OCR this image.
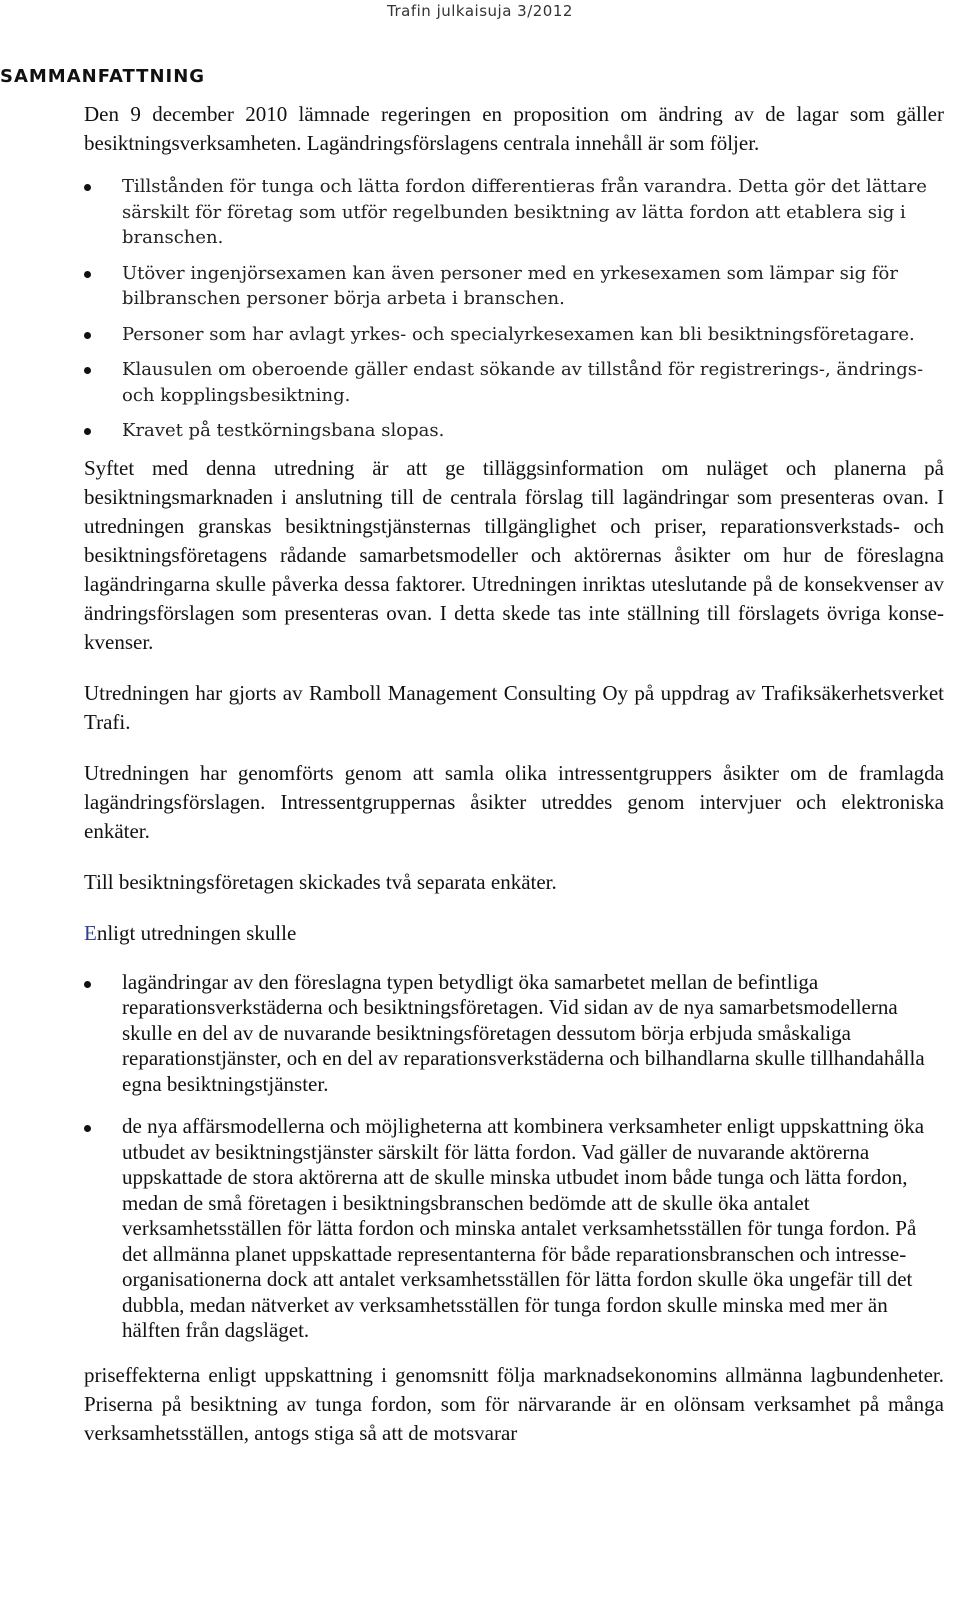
Trafin julkaisuja 3/2012
SAMMANFATTNING

Den 9 december 2010 lämnade regeringen en proposition om ändring av de lagar som gäller besiktningsverksamheten. Lagändringsförslagens centrala innehåll är som följer.

Tillstånden för tunga och lätta fordon differentieras från varandra. Detta gör det lättare särskilt för företag som utför regelbunden besiktning av lätta fordon att etablera sig i branschen.
Utöver ingenjörsexamen kan även personer med en yrkesexamen som lämpar sig för bilbranschen personer börja arbeta i branschen.
Personer som har avlagt yrkes- och specialyrkesexamen kan bli besiktningsföretagare.
Klausulen om oberoende gäller endast sökande av tillstånd för registrerings-, ändrings- och kopplingsbesiktning.
Kravet på testkörningsbana slopas.

Syftet med denna utredning är att ge tilläggsinformation om nuläget och planerna på besiktningsmarknaden i anslutning till de centrala förslag till lagändringar som presenteras ovan. I utredningen granskas besiktningstjänsternas tillgänglighet och priser, reparationsverkstads- och besiktningsföretagens rådande samarbetsmodeller och aktörernas åsikter om hur de föreslagna lagändringarna skulle påverka dessa faktorer. Utredningen inriktas uteslutande på de konsekvenser av ändringsförslagen som presenteras ovan. I detta skede tas inte ställning till förslagets övriga konsekvenser.

Utredningen har gjorts av Ramboll Management Consulting Oy på uppdrag av Trafiksäkerhetsverket Trafi.

Utredningen har genomförts genom att samla olika intressentgruppers åsikter om de framlagda lagändringsförslagen. Intressentgruppernas åsikter utreddes genom intervjuer och elektroniska enkäter.

Till besiktningsföretagen skickades två separata enkäter.

Enligt utredningen skulle

lagändringar av den föreslagna typen betydligt öka samarbetet mellan de befintliga reparationsverkstäderna och besiktningsföretagen. Vid sidan av de nya samarbetsmodellerna skulle en del av de nuvarande besiktningsföretagen dessutom börja erbjuda småskaliga reparationstjänster, och en del av reparationsverkstäderna och bilhandlarna skulle tillhandahålla egna besiktningstjänster.
de nya affärsmodellerna och möjligheterna att kombinera verksamheter enligt uppskattning öka utbudet av besiktningstjänster särskilt för lätta fordon. Vad gäller de nuvarande aktörerna uppskattade de stora aktörerna att de skulle minska utbudet inom både tunga och lätta fordon, medan de små företagen i besiktningsbranschen bedömde att de skulle öka antalet verksamhetsställen för lätta fordon och minska antalet verksamhetsställen för tunga fordon. På det allmänna planet uppskattade representanterna för både reparationsbranschen och intresseorganisationerna dock att antalet verksamhetsställen för lätta fordon skulle öka ungefär till det dubbla, medan nätverket av verksamhetsställen för tunga fordon skulle minska med mer än hälften från dagsläget.

priseffekterna enligt uppskattning i genomsnitt följa marknadsekonomins allmänna lagbundenheter. Priserna på besiktning av tunga fordon, som för närvarande är en olönsam verksamhet på många verksamhetsställen, antogs stiga så att de motsvarar
